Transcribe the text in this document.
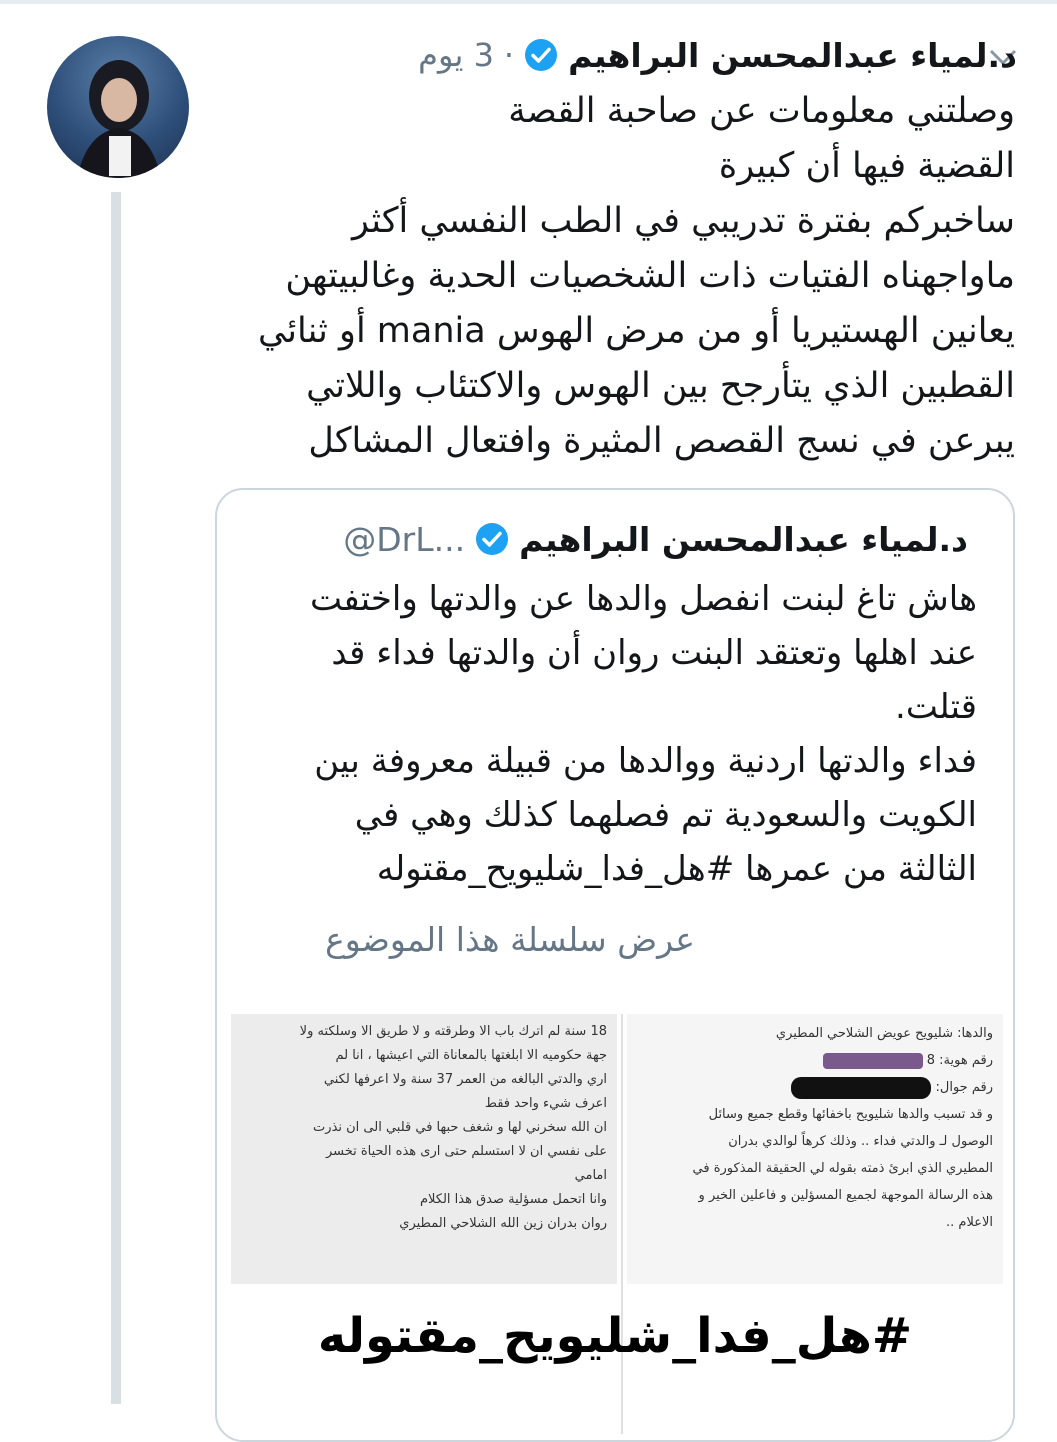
د.لمياء عبدالمحسن البراهيم
·
3 يوم
وصلتني معلومات عن صاحبة القصة
القضية فيها أن كبيرة
ساخبركم بفترة تدريبي في الطب النفسي أكثر
ماواجهناه الفتيات ذات الشخصيات الحدية وغالبيتهن
يعانين الهستيريا أو من مرض الهوس mania أو ثنائي
القطبين الذي يتأرجح بين الهوس والاكتئاب واللاتي
يبرعن في نسج القصص المثيرة وافتعال المشاكل
د.لمياء عبدالمحسن البراهيم
@DrL...
هاش تاغ لبنت انفصل والدها عن والدتها واختفت
عند اهلها وتعتقد البنت روان أن والدتها فداء قد
قتلت.
فداء والدتها اردنية ووالدها من قبيلة معروفة بين
الكويت والسعودية تم فصلهما كذلك وهي في
الثالثة من عمرها #هل_فدا_شليويح_مقتوله
عرض سلسلة هذا الموضوع
18 سنة لم اترك باب الا وطرقته و لا طريق الا وسلكته ولا
جهة حكوميه الا ابلغتها بالمعاناة التي اعيشها ، انا لم
اري والدتي البالغه من العمر 37 سنة ولا اعرفها لكني
اعرف شيء واحد فقط
ان الله سخرني لها و شغف حبها في قلبي الى ان نذرت
على نفسي ان لا استسلم حتى ارى هذه الحياة تخسر
امامي
وانا اتحمل مسؤلية صدق هذا الكلام
روان بدران زين الله الشلاحي المطيري
والدها: شليويح عويض الشلاحي المطيري
رقم هوية: 8
رقم جوال:
و قد تسبب والدها شليويح باخفائها وقطع جميع وسائل
الوصول لـ والدتي فداء .. وذلك كرهاً لوالدي بدران
المطيري الذي ابرئ ذمته بقوله لي الحقيقة المذكورة في
هذه الرسالة الموجهة لجميع المسؤلين و فاعلين الخير و
الاعلام ..
#هل_فدا_شليويح_مقتوله
